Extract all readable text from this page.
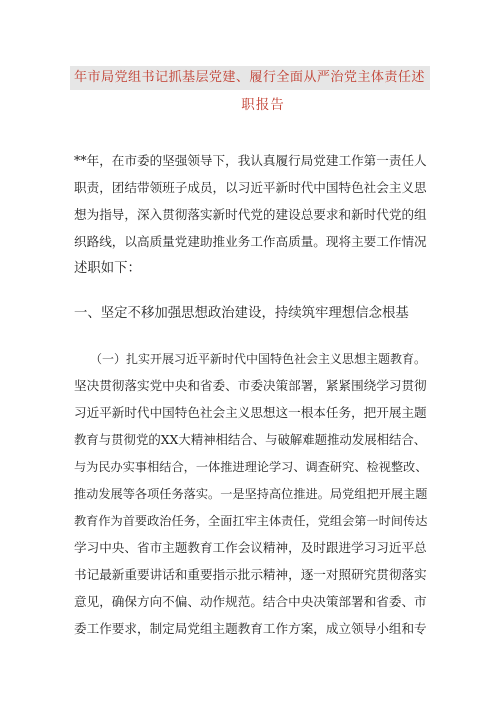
年市局党组书记抓基层党建、履行全面从严治党主体责任述
职报告
**年，在市委的坚强领导下，我认真履行局党建工作第一责任人
职责，团结带领班子成员，以习近平新时代中国特色社会主义思
想为指导，深入贯彻落实新时代党的建设总要求和新时代党的组
织路线，以高质量党建助推业务工作高质量。现将主要工作情况
述职如下：
一、坚定不移加强思想政治建设，持续筑牢理想信念根基
（一）扎实开展习近平新时代中国特色社会主义思想主题教育。
坚决贯彻落实党中央和省委、市委决策部署，紧紧围绕学习贯彻
习近平新时代中国特色社会主义思想这一根本任务，把开展主题
教育与贯彻党的XX大精神相结合、与破解难题推动发展相结合、
与为民办实事相结合，一体推进理论学习、调查研究、检视整改、
推动发展等各项任务落实。一是坚持高位推进。局党组把开展主题
教育作为首要政治任务，全面扛牢主体责任，党组会第一时间传达
学习中央、省市主题教育工作会议精神，及时跟进学习习近平总
书记最新重要讲话和重要指示批示精神，逐一对照研究贯彻落实
意见，确保方向不偏、动作规范。结合中央决策部署和省委、市
委工作要求，制定局党组主题教育工作方案，成立领导小组和专
